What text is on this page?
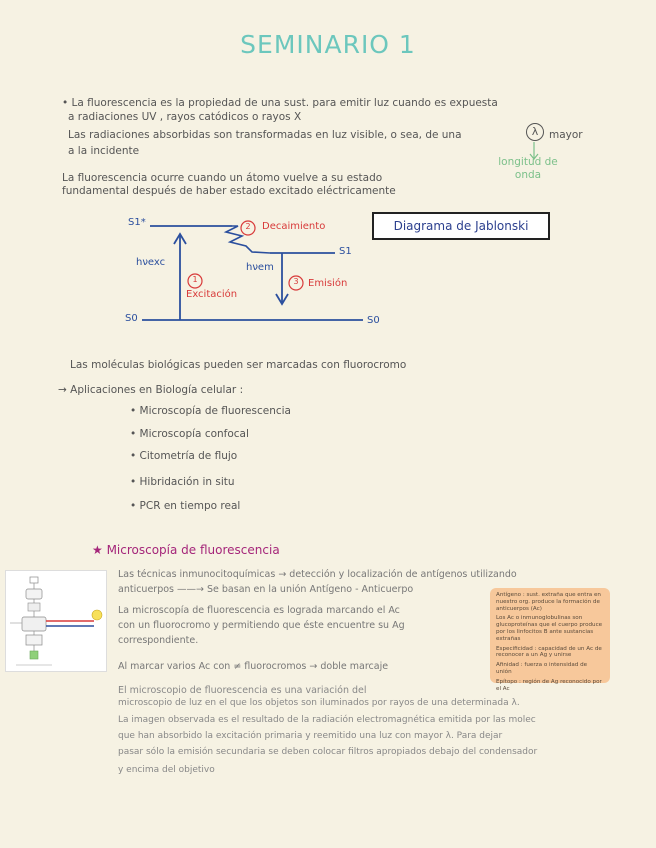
SEMINARIO 1
• La fluorescencia es la propiedad de una sust. para emitir luz cuando es expuesta
a radiaciones UV , rayos catódicos o rayos X
Las radiaciones absorbidas son transformadas en luz visible, o sea, de una	λ	mayor
a la incidente
longitud de onda
La fluorescencia ocurre cuando un átomo vuelve a su estado
fundamental después de haber estado excitado eléctricamente
S1*
S1
S0	S0
hνexc	hνem
1
Excitación
2 Decaimiento
3 Emisión
Diagrama de Jablonski
Las moléculas biológicas pueden ser marcadas con fluorocromo
→ Aplicaciones en Biología celular :
• Microscopía de fluorescencia
• Microscopía confocal
• Citometría de flujo
• Hibridación in situ
• PCR en tiempo real
★ Microscopía de fluorescencia
Las técnicas inmunocitoquímicas → detección y localización de antígenos utilizando
anticuerpos ——→ Se basan en la unión Antígeno - Anticuerpo
La microscopía de fluorescencia es lograda marcando el Ac
con un fluorocromo y permitiendo que éste encuentre su Ag
correspondiente.
Al marcar varios Ac con ≠ fluorocromos → doble marcaje

Antígeno : sust. extraña que entra en nuestro org. produce la formación de anticuerpos (Ac)

Los Ac o inmunoglobulinas son glucoproteínas que el cuerpo produce por los linfocitos B ante sustancias extrañas

Especificidad : capacidad de un Ac de reconocer a un Ag y unirse

Afinidad : fuerza o intensidad de unión

Epítopo : región de Ag reconocido por el Ac

El microscopio de fluorescencia es una variación del
microscopio de luz en el que los objetos son iluminados por rayos de una determinada λ.
La imagen observada es el resultado de la radiación electromagnética emitida por las molec
que han absorbido la excitación primaria y reemitido una luz con mayor λ. Para dejar
pasar sólo la emisión secundaria se deben colocar filtros apropiados debajo del condensador
y encima del objetivo
